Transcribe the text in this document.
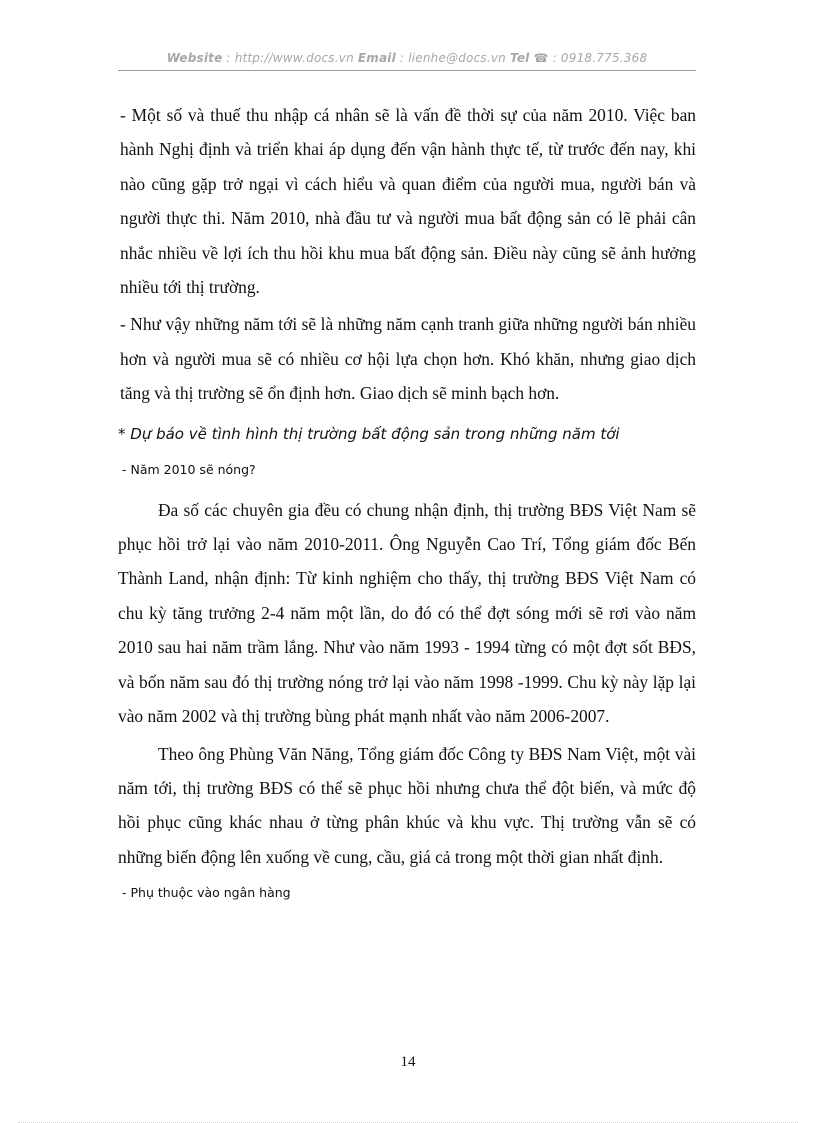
Website : http://www.docs.vn Email : lienhe@docs.vn Tel ☎ : 0918.775.368

- Một số và thuế thu nhập cá nhân sẽ là vấn đề thời sự của năm 2010. Việc ban hành Nghị định và triển khai áp dụng đến vận hành thực tế, từ trước đến nay, khi nào cũng gặp trở ngại vì cách hiểu và quan điểm của người mua, người bán và người thực thi. Năm 2010, nhà đầu tư và người mua bất động sản có lẽ phải cân nhắc nhiều về lợi ích thu hồi khu mua bất động sản. Điều này cũng sẽ ảnh hưởng nhiều tới thị trường.

- Như vậy những năm tới sẽ là những năm cạnh tranh giữa những người bán nhiều hơn và người mua sẽ có nhiều cơ hội lựa chọn hơn. Khó khăn, nhưng giao dịch tăng và thị trường sẽ ổn định hơn. Giao dịch sẽ minh bạch hơn.

* Dự báo về tình hình thị trường bất động sản trong những năm tới

- Năm 2010 sẽ nóng?

Đa số các chuyên gia đều có chung nhận định, thị trường BĐS Việt Nam sẽ phục hồi trở lại vào năm 2010-2011. Ông Nguyễn Cao Trí, Tổng giám đốc Bến Thành Land, nhận định: Từ kinh nghiệm cho thấy, thị trường BĐS Việt Nam có chu kỳ tăng trưởng 2-4 năm một lần, do đó có thể đợt sóng mới sẽ rơi vào năm 2010 sau hai năm trầm lắng. Như vào năm 1993 - 1994 từng có một đợt sốt BĐS, và bốn năm sau đó thị trường nóng trở lại vào năm 1998 -1999. Chu kỳ này lặp lại vào năm 2002 và thị trường bùng phát mạnh nhất vào năm 2006-2007.

Theo ông Phùng Văn Năng, Tổng giám đốc Công ty BĐS Nam Việt, một vài năm tới, thị trường BĐS có thể sẽ phục hồi nhưng chưa thể đột biến, và mức độ hồi phục cũng khác nhau ở từng phân khúc và khu vực. Thị trường vẫn sẽ có những biến động lên xuống về cung, cầu, giá cả trong một thời gian nhất định.

- Phụ thuộc vào ngân hàng

14
